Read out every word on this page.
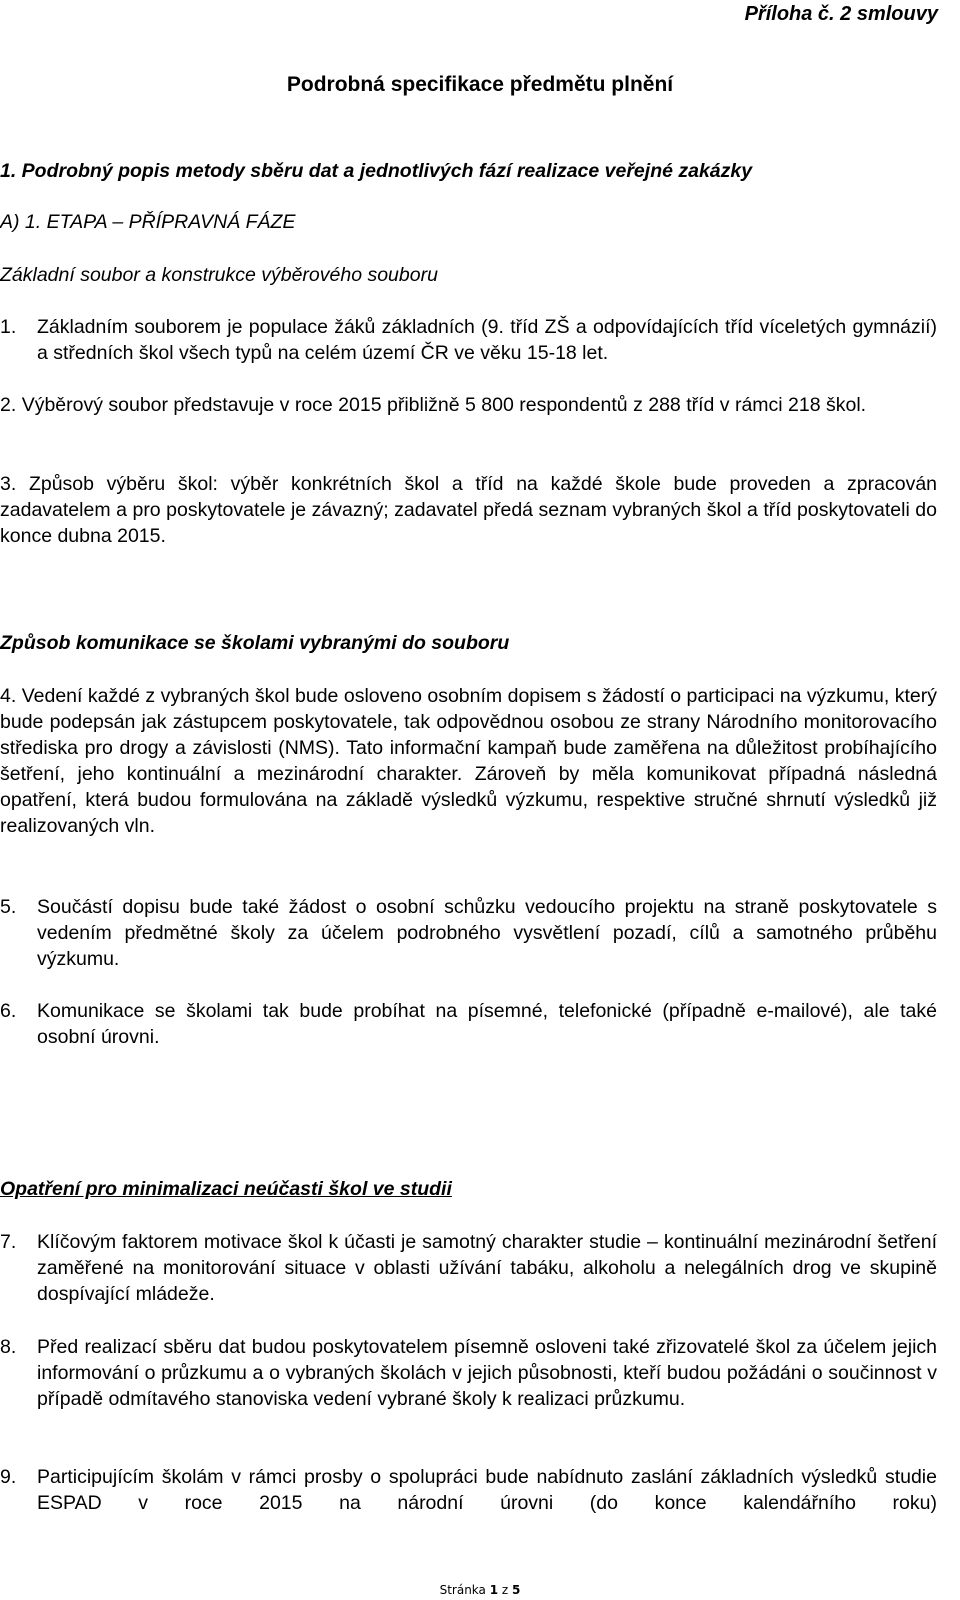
Příloha č. 2 smlouvy
Podrobná specifikace předmětu plnění
1. Podrobný popis metody sběru dat a jednotlivých fází realizace veřejné zakázky
A) 1. ETAPA – PŘÍPRAVNÁ FÁZE
Základní soubor a konstrukce výběrového souboru
1.	Základním souborem je populace žáků základních (9. tříd ZŠ a odpovídajících tříd víceletých gymnázií) a středních škol všech typů na celém území ČR ve věku 15-18 let.
2. Výběrový soubor představuje v roce 2015 přibližně 5 800 respondentů z 288 tříd v rámci 218 škol.
3. Způsob výběru škol: výběr konkrétních škol a tříd na každé škole bude proveden a zpracován zadavatelem a pro poskytovatele je závazný; zadavatel předá seznam vybraných škol a tříd poskytovateli do konce dubna 2015.
Způsob komunikace se školami vybranými do souboru
4. Vedení každé z vybraných škol bude osloveno osobním dopisem s žádostí o participaci na výzkumu, který bude podepsán jak zástupcem poskytovatele, tak odpovědnou osobou ze strany Národního monitorovacího střediska pro drogy a závislosti (NMS). Tato informační kampaň bude zaměřena na důležitost probíhajícího šetření, jeho kontinuální a mezinárodní charakter. Zároveň by měla komunikovat případná následná opatření, která budou formulována na základě výsledků výzkumu, respektive stručné shrnutí výsledků již realizovaných vln.
5.	Součástí dopisu bude také žádost o osobní schůzku vedoucího projektu na straně poskytovatele s vedením předmětné školy za účelem podrobného vysvětlení pozadí, cílů a samotného průběhu výzkumu.
6.	Komunikace se školami tak bude probíhat na písemné, telefonické (případně e-mailové), ale také osobní úrovni.
Opatření pro minimalizaci neúčasti škol ve studii
7.	Klíčovým faktorem motivace škol k účasti je samotný charakter studie – kontinuální mezinárodní šetření zaměřené na monitorování situace v oblasti užívání tabáku, alkoholu a nelegálních drog ve skupině dospívající mládeže.
8.	Před realizací sběru dat budou poskytovatelem písemně osloveni také zřizovatelé škol za účelem jejich informování o průzkumu a o vybraných školách v jejich působnosti, kteří budou požádáni o součinnost v případě odmítavého stanoviska vedení vybrané školy k realizaci průzkumu.
9.	Participujícím školám v rámci prosby o spolupráci bude nabídnuto zaslání základních výsledků studie ESPAD v roce 2015 na národní úrovni (do konce kalendářního roku)
Stránka 1 z 5
